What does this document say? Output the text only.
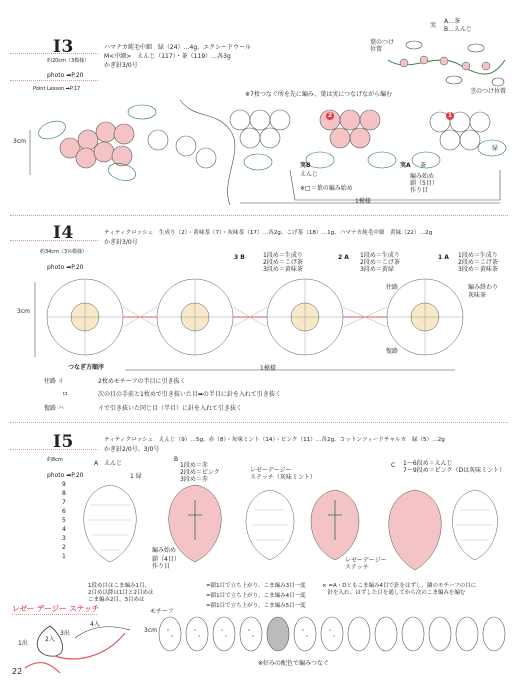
I3
約20cm（3模様）
photo ➡P.20
Point Lesson ➡P.17
ハマナカ純毛中細　緑（24）…4g、エクシードウール
M<中細>　えんじ（117）・茶（119）…各3g
かぎ針3/0号
実
A…茶
B…えんじ
葉のつけ
位置
茎のつけ位置
※7枚つなぐ所を先に編み、葉は実につなげながら編む
3cm
2	1
実B
えんじ
実A 茶
緑
編み始め
鎖（5目）
作り目
※□＝葉の編み始め
1模様
I4
約34cm（3½模様）
photo ➡P.20
ティティクロッシェ　生成り（2）・黄味茶（7）・灰味茶（17）…各2g、こげ茶（18）…1g、ハマナカ純毛中細　黄緑（22）…2g
かぎ針3/0号
3 B	1段め＝生成り
2段め＝こげ茶
3段め＝黄味茶
2 A 1段め＝生成り
2段め＝こげ茶
3段め＝黄緑
1 A 1段め＝生成り
2段め＝こげ茶
3段め＝黄味茶
編み終わり
灰味茶
往路
復路
3cm
1模様
つなぎ方順序
往路 イ	2枚めモチーフの半目に引き抜く
ロ	次の目の手前と1枚めで引き抜いた目➡の半目に針を入れて引き抜く
復路 ハ	イで引き抜いた同じ目（半目）に針を入れて引き抜く
I5
約8cm
photo ➡P.20
ティティクロッシェ　えんじ（9）…5g、赤（8）・灰味ミント（14）・ピンク（11）…各2g、コットンツィードチャルカ　緑（5）…2g
かぎ針2/0号、3/0号
A　えんじ
B
1段め＝赤
2段め＝ピンク
3段め＝赤
C 1～6段め＝えんじ
7～9段め＝ピンク（Dは灰味ミント）
レゼーデージー
ステッチ（灰味ミント）
レゼーデージー
ステッチ
1 緑
編み始め
鎖（4目）
作り目
9
8
7
6
5
4
3
2
1
=鎖1目で立ち上がり、こま編み3目一度
=鎖1目で立ち上がり、こま編み4目一度
=鎖1目で立ち上がり、こま編み5目一度
× =A・Dともこま編み4目で針をはずし、隣のモチーフの目に
　針を入れ、はずした目を通してから次のこま編みを編む
1段め目はこま編み1目、
2目め以降は1目と2目めは
こま編み2目、3目めは
レゼー デージー ステッチ
1出
2入
3出
4入
モチーフ
3cm
※好みの配色で編みつなぐ
22
